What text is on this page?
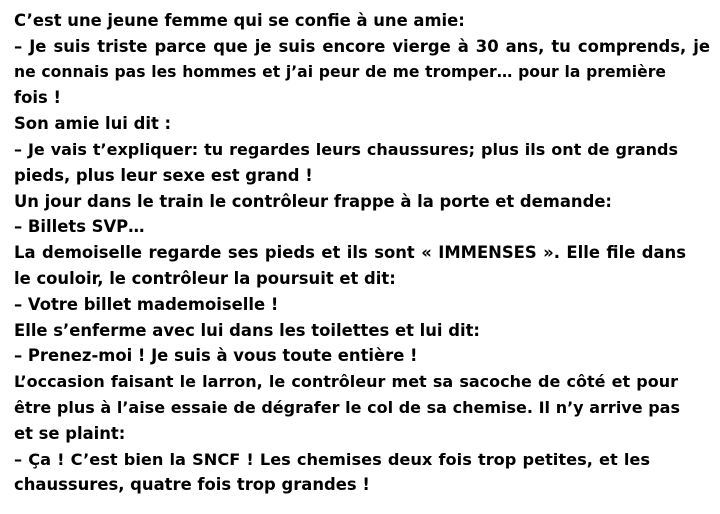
C’est une jeune femme qui se confie à une amie:
– Je suis triste parce que je suis encore vierge à 30 ans, tu comprends, je
ne connais pas les hommes et j’ai peur de me tromper… pour la première
fois !
Son amie lui dit :
– Je vais t’expliquer: tu regardes leurs chaussures; plus ils ont de grands
pieds, plus leur sexe est grand !
Un jour dans le train le contrôleur frappe à la porte et demande:
– Billets SVP…
La demoiselle regarde ses pieds et ils sont « IMMENSES ». Elle file dans
le couloir, le contrôleur la poursuit et dit:
– Votre billet mademoiselle !
Elle s’enferme avec lui dans les toilettes et lui dit:
– Prenez-moi ! Je suis à vous toute entière !
L’occasion faisant le larron, le contrôleur met sa sacoche de côté et pour
être plus à l’aise essaie de dégrafer le col de sa chemise. Il n’y arrive pas
et se plaint:
– Ça ! C’est bien la SNCF ! Les chemises deux fois trop petites, et les
chaussures, quatre fois trop grandes !
